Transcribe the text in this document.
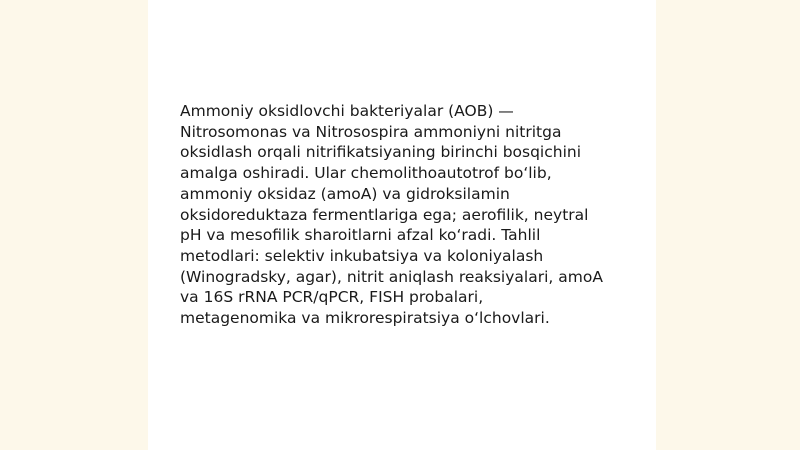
Ammoniy oksidlovchi bakteriyalar (AOB) —
Nitrosomonas va Nitrosospira ammoniyni nitritga
oksidlash orqali nitrifikatsiyaning birinchi bosqichini
amalga oshiradi. Ular chemolithoautotrof bo‘lib,
ammoniy oksidaz (amoA) va gidroksilamin
oksidoreduktaza fermentlariga ega; aerofilik, neytral
pH va mesofilik sharoitlarni afzal ko‘radi. Tahlil
metodlari: selektiv inkubatsiya va koloniyalash
(Winogradsky, agar), nitrit aniqlash reaksiyalari, amoA
va 16S rRNA PCR/qPCR, FISH probalari,
metagenomika va mikrorespiratsiya o‘lchovlari.
